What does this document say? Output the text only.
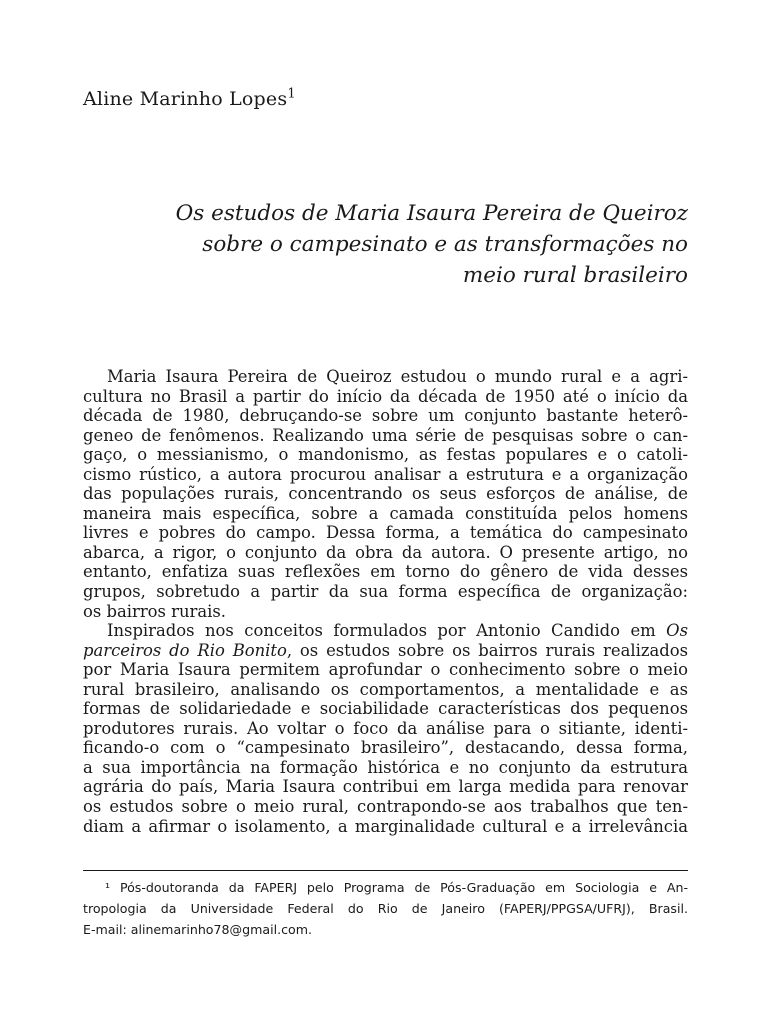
Aline Marinho Lopes$^1$
Os estudos de Maria Isaura Pereira de Queiroz
sobre o campesinato e as transformações no
meio rural brasileiro
Maria Isaura Pereira de Queiroz estudou o mundo rural e a agri-
cultura no Brasil a partir do início da década de 1950 até o início da
década de 1980, debruçando-se sobre um conjunto bastante heterô-
geneo de fenômenos. Realizando uma série de pesquisas sobre o can-
gaço, o messianismo, o mandonismo, as festas populares e o catoli-
cismo rústico, a autora procurou analisar a estrutura e a organização
das populações rurais, concentrando os seus esforços de análise, de
maneira mais específica, sobre a camada constituída pelos homens
livres e pobres do campo. Dessa forma, a temática do campesinato
abarca, a rigor, o conjunto da obra da autora. O presente artigo, no
entanto, enfatiza suas reflexões em torno do gênero de vida desses
grupos, sobretudo a partir da sua forma específica de organização:
os bairros rurais.
Inspirados nos conceitos formulados por Antonio Candido em Os
parceiros do Rio Bonito, os estudos sobre os bairros rurais realizados
por Maria Isaura permitem aprofundar o conhecimento sobre o meio
rural brasileiro, analisando os comportamentos, a mentalidade e as
formas de solidariedade e sociabilidade características dos pequenos
produtores rurais. Ao voltar o foco da análise para o sitiante, identi-
ficando-o com o “campesinato brasileiro”, destacando, dessa forma,
a sua importância na formação histórica e no conjunto da estrutura
agrária do país, Maria Isaura contribui em larga medida para renovar
os estudos sobre o meio rural, contrapondo-se aos trabalhos que ten-
diam a afirmar o isolamento, a marginalidade cultural e a irrelevância
¹ Pós-doutoranda da FAPERJ pelo Programa de Pós-Graduação em Sociologia e An-
tropologia da Universidade Federal do Rio de Janeiro (FAPERJ/PPGSA/UFRJ), Brasil.
E-mail: alinemarinho78@gmail.com.
